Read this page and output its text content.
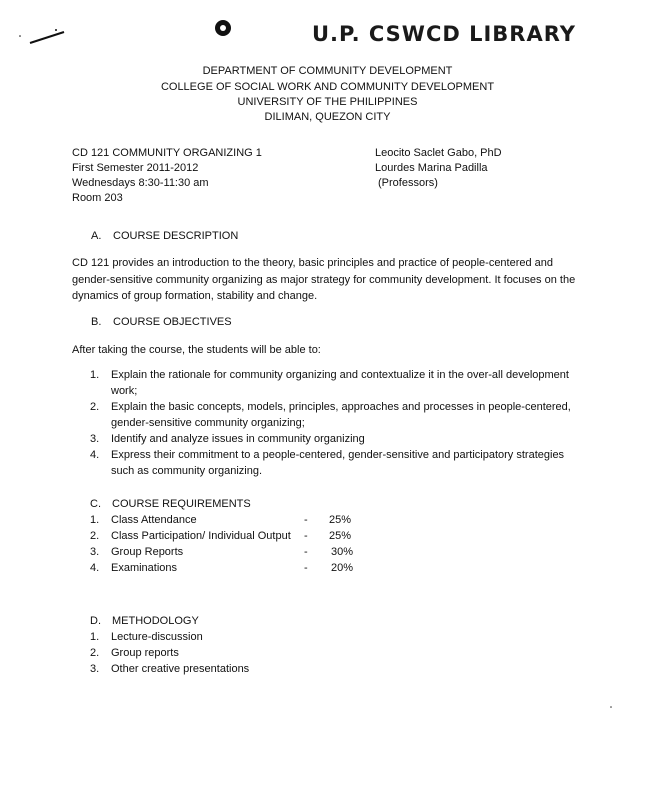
U.P. CSWCD LIBRARY
DEPARTMENT OF COMMUNITY DEVELOPMENT
COLLEGE OF SOCIAL WORK AND COMMUNITY DEVELOPMENT
UNIVERSITY OF THE PHILIPPINES
DILIMAN, QUEZON CITY
CD 121 COMMUNITY ORGANIZING 1
First Semester 2011-2012
Wednesdays 8:30-11:30 am
Room 203
Leocito Saclet Gabo, PhD
Lourdes Marina Padilla
(Professors)
A. COURSE DESCRIPTION
CD 121 provides an introduction to the theory, basic principles and practice of people-centered and
gender-sensitive community organizing as major strategy for community development. It focuses on the
dynamics of group formation, stability and change.
B. COURSE OBJECTIVES
After taking the course, the students will be able to:
1. Explain the rationale for community organizing and contextualize it in the over-all development
work;
2. Explain the basic concepts, models, principles, approaches and processes in people-centered,
gender-sensitive community organizing;
3. Identify and analyze issues in community organizing
4. Express their commitment to a people-centered, gender-sensitive and participatory strategies
such as community organizing.
C. COURSE REQUIREMENTS
1. Class Attendance	- 25%
2. Class Participation/ Individual Output - 25%
3. Group Reports	- 30%
4. Examinations	- 20%
D. METHODOLOGY
1. Lecture-discussion
2. Group reports
3. Other creative presentations
